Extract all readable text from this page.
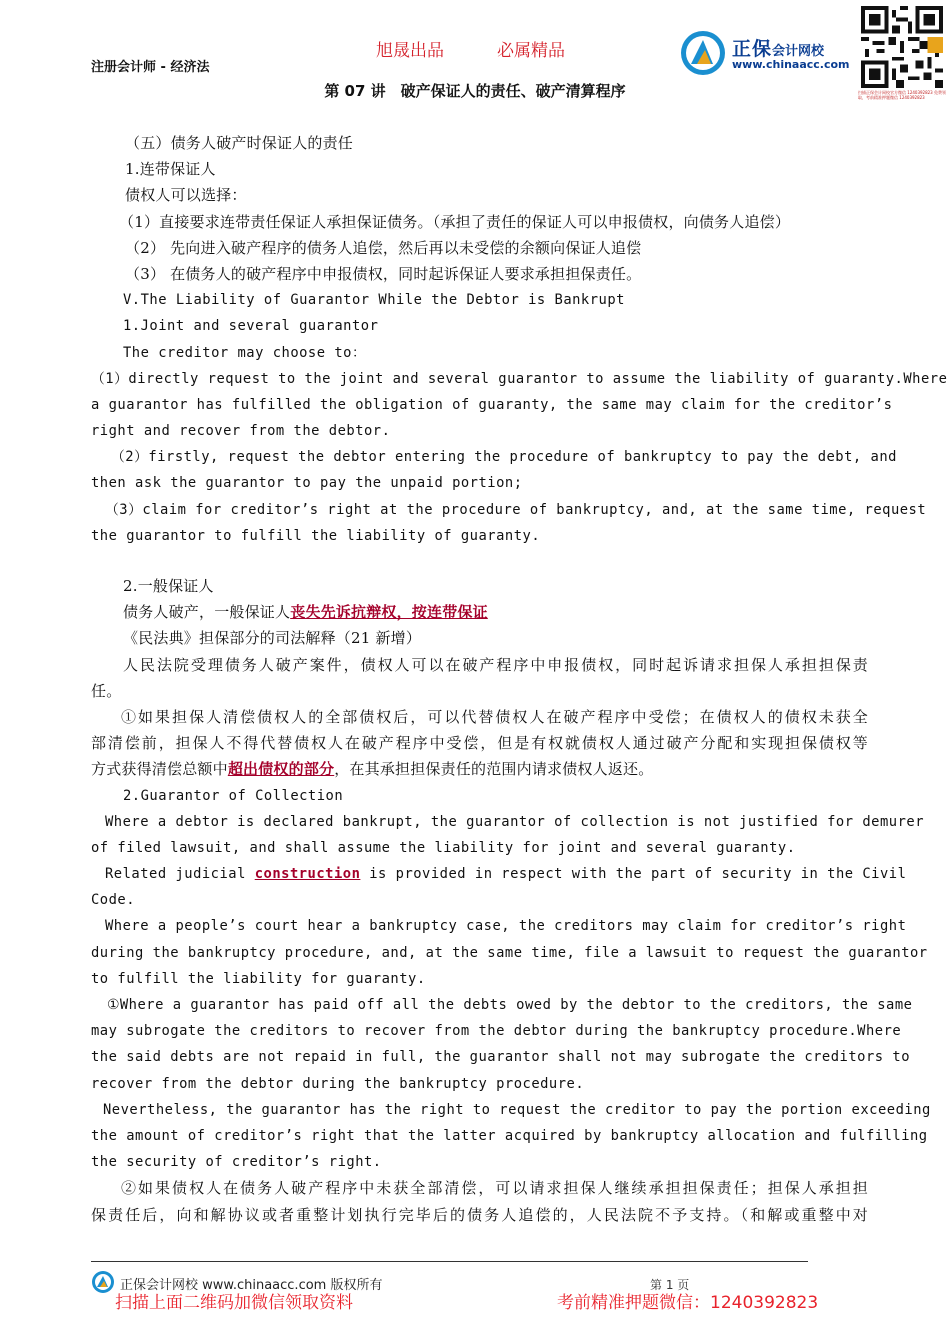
注册会计师 - 经济法
旭晟出品	必属精品	正保会计网校
www.chinaacc.com
扫描正保会计网校官方微信 1240392823 免费领取，考前精准押题微信 1240392823
第 07 讲　破产保证人的责任、破产清算程序
（五）债务人破产时保证人的责任
1.连带保证人
债权人可以选择：
（1）直接要求连带责任保证人承担保证债务。（承担了责任的保证人可以申报债权，向债务人追偿）
（2） 先向进入破产程序的债务人追偿，然后再以未受偿的余额向保证人追偿
（3） 在债务人的破产程序中申报债权，同时起诉保证人要求承担担保责任。
V.The Liability of Guarantor While the Debtor is Bankrupt
1.Joint and several guarantor
The creditor may choose to：
（1）directly request to the joint and several guarantor to assume the liability of guaranty.Where
a guarantor has fulfilled the obligation of guaranty, the same may claim for the creditor’s
right and recover from the debtor.
（2）firstly, request the debtor entering the procedure of bankruptcy to pay the debt, and
then ask the guarantor to pay the unpaid portion;
（3）claim for creditor’s right at the procedure of bankruptcy, and, at the same time, request
the guarantor to fulfill the liability of guaranty.
2.一般保证人
债务人破产，一般保证人丧失先诉抗辩权，按连带保证
《民法典》担保部分的司法解释（21 新增）
人民法院受理债务人破产案件，债权人可以在破产程序中申报债权，同时起诉请求担保人承担担保责
任。
①如果担保人清偿债权人的全部债权后，可以代替债权人在破产程序中受偿；在债权人的债权未获全
部清偿前，担保人不得代替债权人在破产程序中受偿，但是有权就债权人通过破产分配和实现担保债权等
方式获得清偿总额中超出债权的部分，在其承担担保责任的范围内请求债权人返还。
2.Guarantor of Collection
Where a debtor is declared bankrupt, the guarantor of collection is not justified for demurer
of filed lawsuit, and shall assume the liability for joint and several guaranty.
Related judicial construction is provided in respect with the part of security in the Civil
Code.
Where a people’s court hear a bankruptcy case, the creditors may claim for creditor’s right
during the bankruptcy procedure, and, at the same time, file a lawsuit to request the guarantor
to fulfill the liability for guaranty.
①Where a guarantor has paid off all the debts owed by the debtor to the creditors, the same
may subrogate the creditors to recover from the debtor during the bankruptcy procedure.Where
the said debts are not repaid in full, the guarantor shall not may subrogate the creditors to
recover from the debtor during the bankruptcy procedure.
Nevertheless, the guarantor has the right to request the creditor to pay the portion exceeding
the amount of creditor’s right that the latter acquired by bankruptcy allocation and fulfilling
the security of creditor’s right.
②如果债权人在债务人破产程序中未获全部清偿，可以请求担保人继续承担担保责任；担保人承担担
保责任后，向和解协议或者重整计划执行完毕后的债务人追偿的，人民法院不予支持。（和解或重整中对
正保会计网校 www.chinaacc.com 版权所有	第 1 页
扫描上面二维码加微信领取资料	考前精准押题微信：1240392823
